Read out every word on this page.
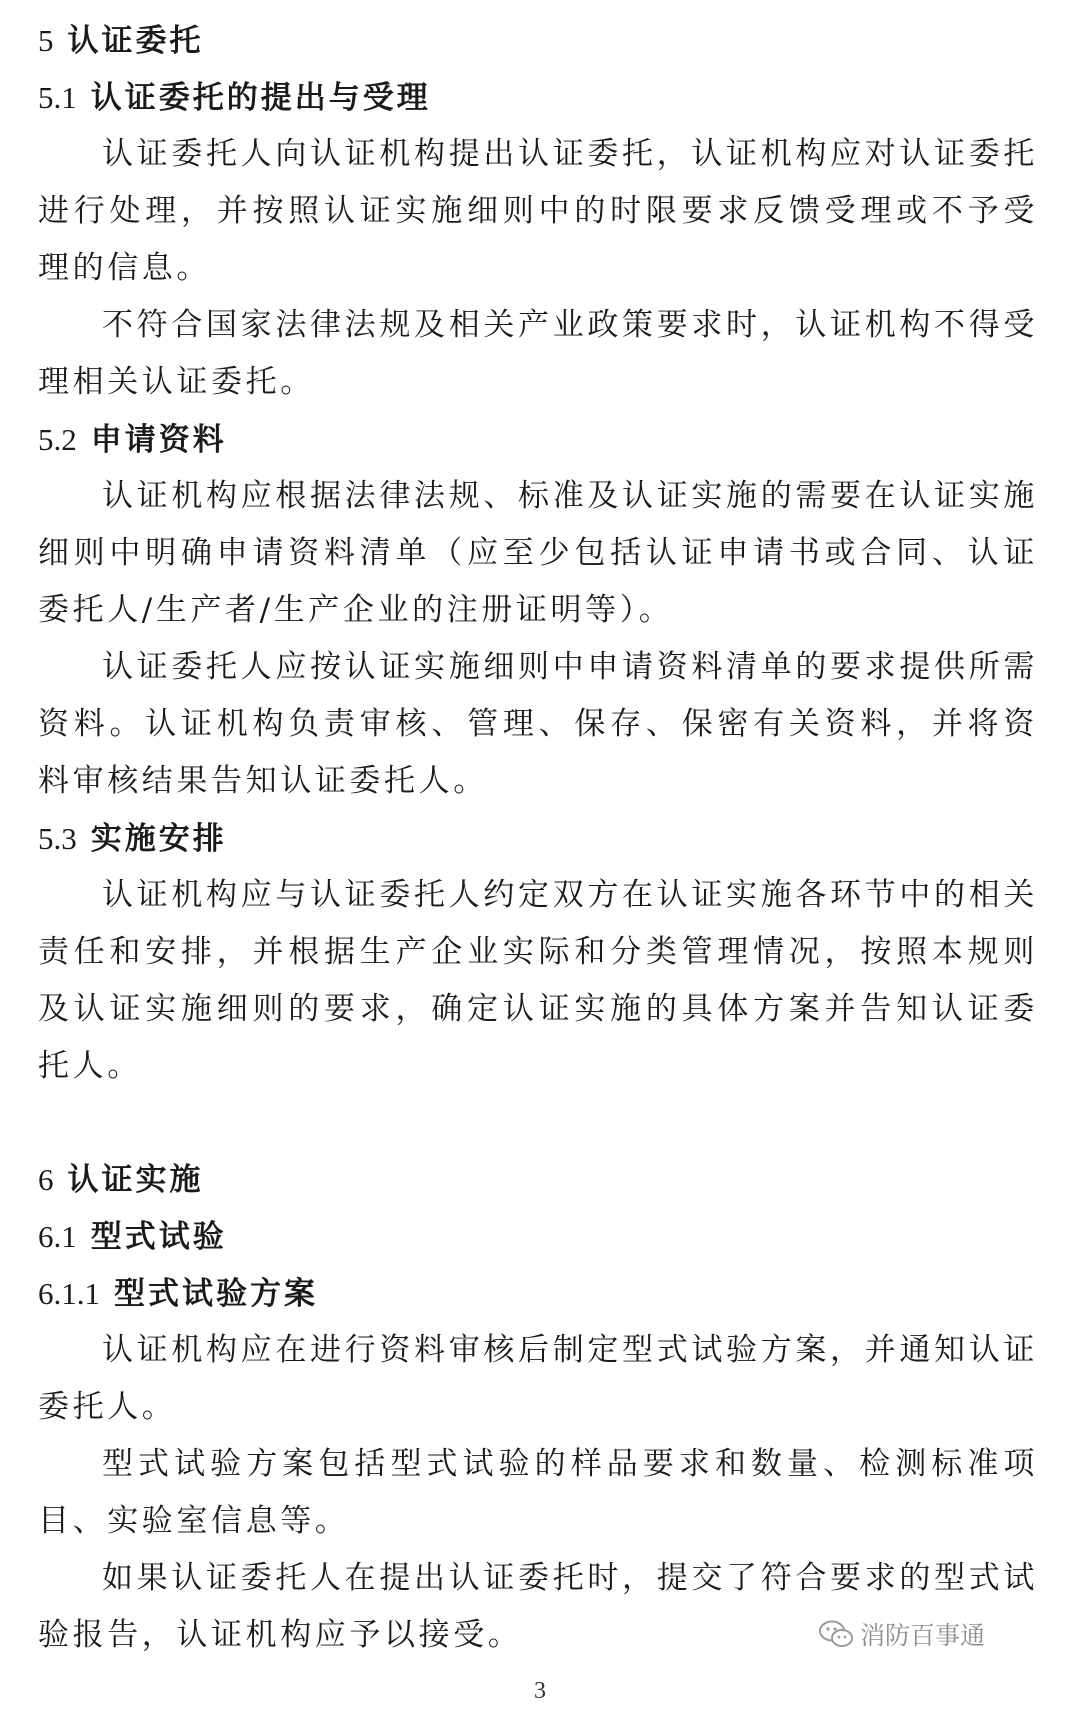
5 认证委托
5.1 认证委托的提出与受理

认证委托人向认证机构提出认证委托，认证机构应对认证委托进行处理，并按照认证实施细则中的时限要求反馈受理或不予受理的信息。

不符合国家法律法规及相关产业政策要求时，认证机构不得受理相关认证委托。

5.2 申请资料

认证机构应根据法律法规、标准及认证实施的需要在认证实施细则中明确申请资料清单（应至少包括认证申请书或合同、认证委托人/生产者/生产企业的注册证明等）。

认证委托人应按认证实施细则中申请资料清单的要求提供所需资料。认证机构负责审核、管理、保存、保密有关资料，并将资料审核结果告知认证委托人。

5.3 实施安排

认证机构应与认证委托人约定双方在认证实施各环节中的相关责任和安排，并根据生产企业实际和分类管理情况，按照本规则及认证实施细则的要求，确定认证实施的具体方案并告知认证委托人。

6 认证实施
6.1 型式试验
6.1.1 型式试验方案

认证机构应在进行资料审核后制定型式试验方案，并通知认证委托人。

型式试验方案包括型式试验的样品要求和数量、检测标准项目、实验室信息等。

如果认证委托人在提出认证委托时，提交了符合要求的型式试验报告，认证机构应予以接受。	消防百事通
3
